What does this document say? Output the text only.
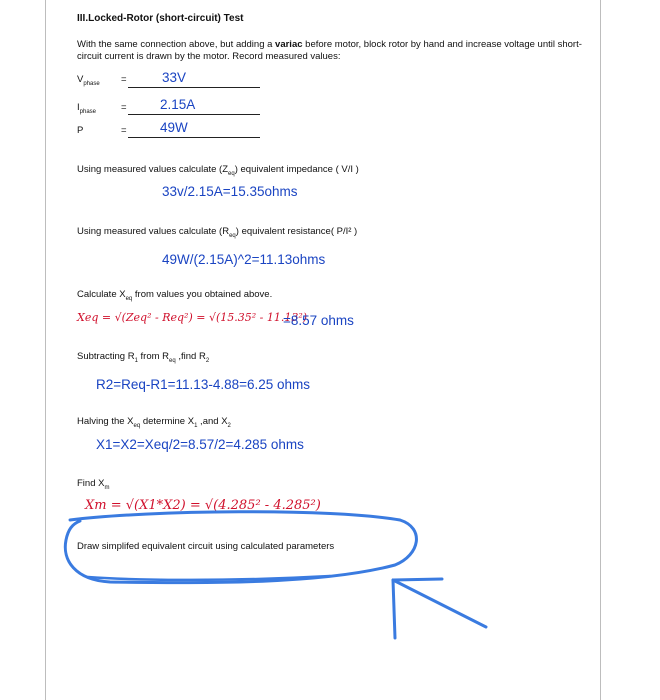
III.Locked-Rotor (short-circuit) Test
With the same connection above, but adding a variac before motor, block rotor by hand and increase voltage until short-circuit current is drawn by the motor. Record measured values:
$V_{phase}$ =	33V
$I_{phase}$	= 2.15A
P	= 49W
Using measured values calculate $(Z_{eq})$ equivalent impedance ( V/I )
33v/2.15A=15.35ohms
Using measured values calculate $(R_{eq})$ equivalent resistance( P/I² )
49W/(2.15A)^2=11.13ohms
Calculate $X_{eq}$ from values you obtained above.
Xeq = √(Zeq² - Req²) = √(15.35² - 11.13²)
=8.57 ohms
Subtracting $R_1$ from $R_{eq}$ ,find $R_2$
R2=Req-R1=11.13-4.88=6.25 ohms
Halving the $X_{eq}$ determine $X_1$ ,and $X_2$
X1=X2=Xeq/2=8.57/2=4.285 ohms
Find $X_m$
Xm = √(X1*X2) = √(4.285² - 4.285²)
Draw simplifed equivalent circuit using calculated parameters
